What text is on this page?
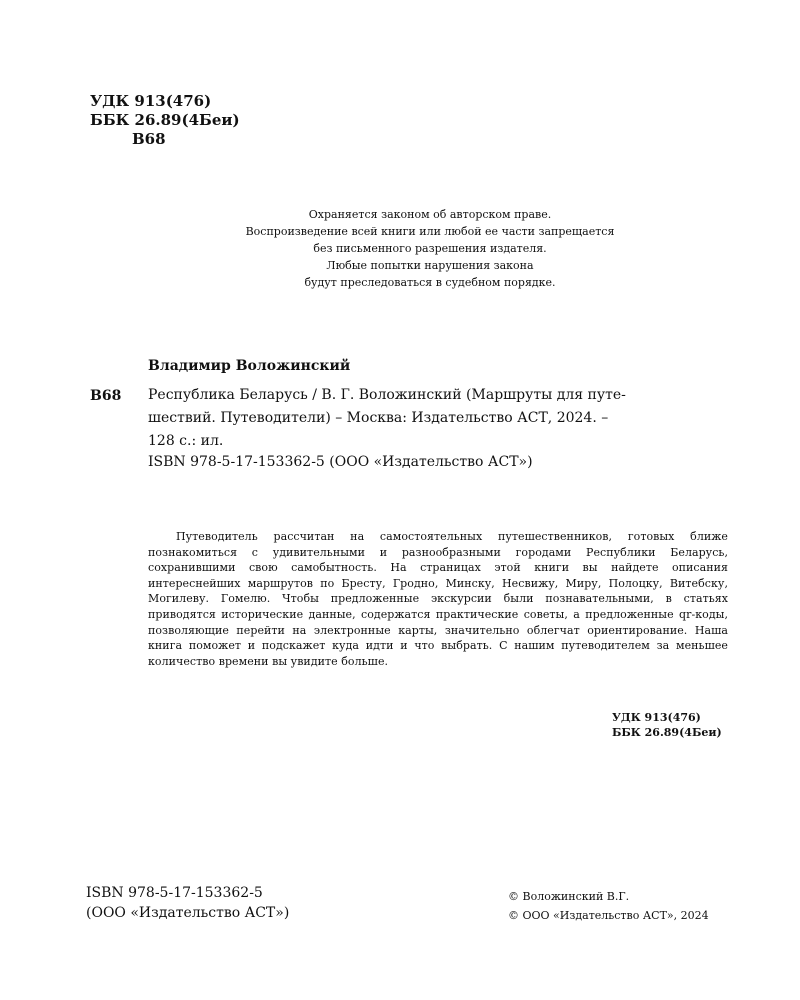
УДК 913(476)
ББК 26.89(4Беи)
В68
Охраняется законом об авторском праве.
Воспроизведение всей книги или любой ее части запрещается
без письменного разрешения издателя.
Любые попытки нарушения закона
будут преследоваться в судебном порядке.
Владимир Воложинский
В68 Республика Беларусь / В. Г. Воложинский (Маршруты для путе-
шествий. Путеводители) – Москва: Издательство АСТ, 2024. –
128 с.: ил.
ISBN 978-5-17-153362-5 (ООО «Издательство АСТ»)
Путеводитель рассчитан на самостоятельных путешественников, готовых ближе познакомиться с удивительными и разнообразными городами Республики Беларусь, сохранившими свою самобытность. На страницах этой книги вы найдете описания интереснейших маршрутов по Бресту, Гродно, Минску, Несвижу, Миру, Полоцку, Витебску, Могилеву. Гомелю. Чтобы предложенные экскурсии были познавательными, в статьях приводятся исторические данные, содержатся практические советы, а предложенные qr-коды, позволяющие перейти на электронные карты, значительно облегчат ориентирование. Наша книга поможет и подскажет куда идти и что выбрать. С нашим путеводителем за меньшее количество времени вы увидите больше.
УДК 913(476)
ББК 26.89(4Беи)
ISBN 978-5-17-153362-5
(ООО «Издательство АСТ»)
© Воложинский В.Г.
© ООО «Издательство АСТ», 2024
